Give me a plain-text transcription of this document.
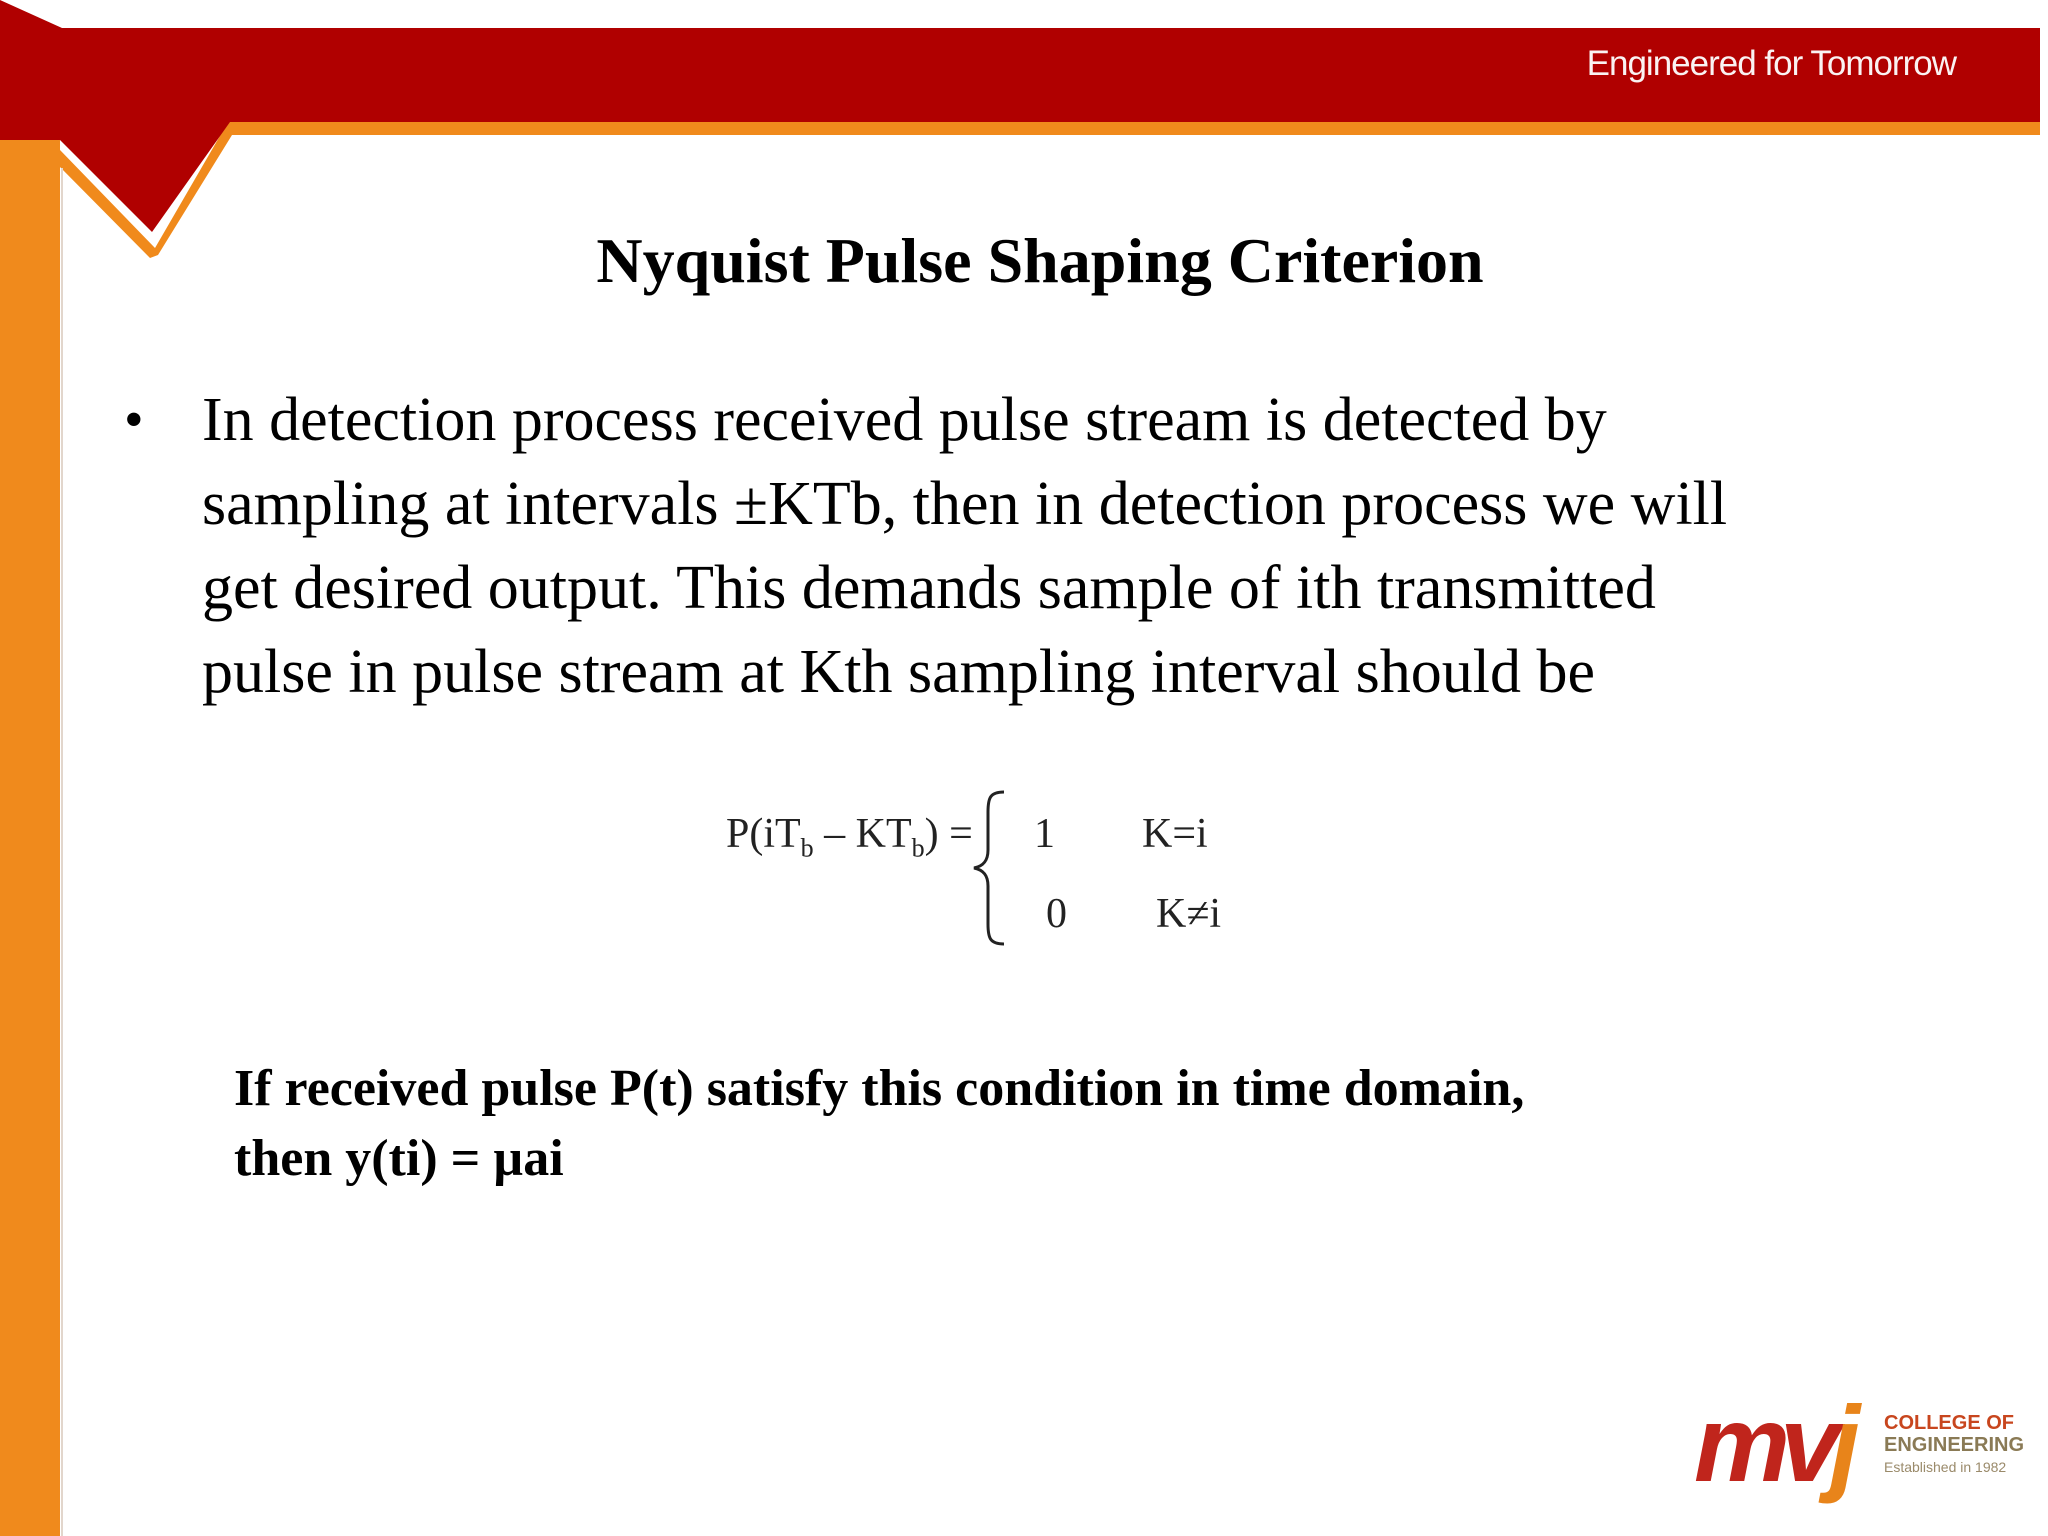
Engineered for Tomorrow
Nyquist Pulse Shaping Criterion
• In detection process received pulse stream is detected by
sampling at intervals ±KTb, then in detection process we will
get desired output. This demands sample of ith transmitted
pulse in pulse stream at Kth sampling interval should be
$P(iT_b - KT_b) = 1$ K=i
0 K≠i
If received pulse P(t) satisfy this condition in time domain,
then y(ti) = µai
mvj COLLEGE OF
ENGINEERING
Established in 1982
